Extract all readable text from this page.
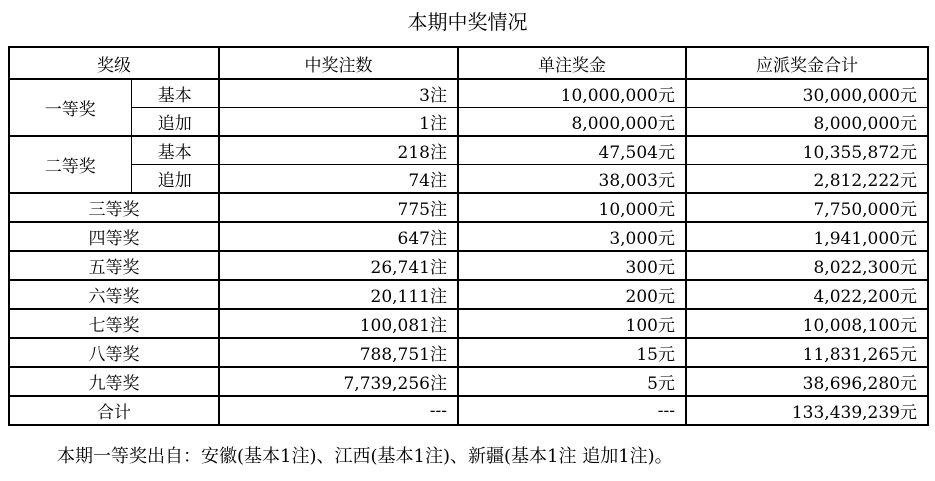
本期中奖情况
奖级		中奖注数	单注奖金	应派奖金合计
一等奖	基本	3注	10,000,000元	30,000,000元
	追加	1注	8,000,000元	8,000,000元
二等奖	基本	218注	47,504元	10,355,872元
	追加	74注	38,003元	2,812,222元
三等奖		775注	10,000元	7,750,000元
四等奖		647注	3,000元	1,941,000元
五等奖		26,741注	300元	8,022,300元
六等奖		20,111注	200元	4,022,200元
七等奖		100,081注	100元	10,008,100元
八等奖		788,751注	15元	11,831,265元
九等奖		7,739,256注	5元	38,696,280元
合计		---	---	133,439,239元

本期一等奖出自：安徽(基本1注)、江西(基本1注)、新疆(基本1注 追加1注)。
